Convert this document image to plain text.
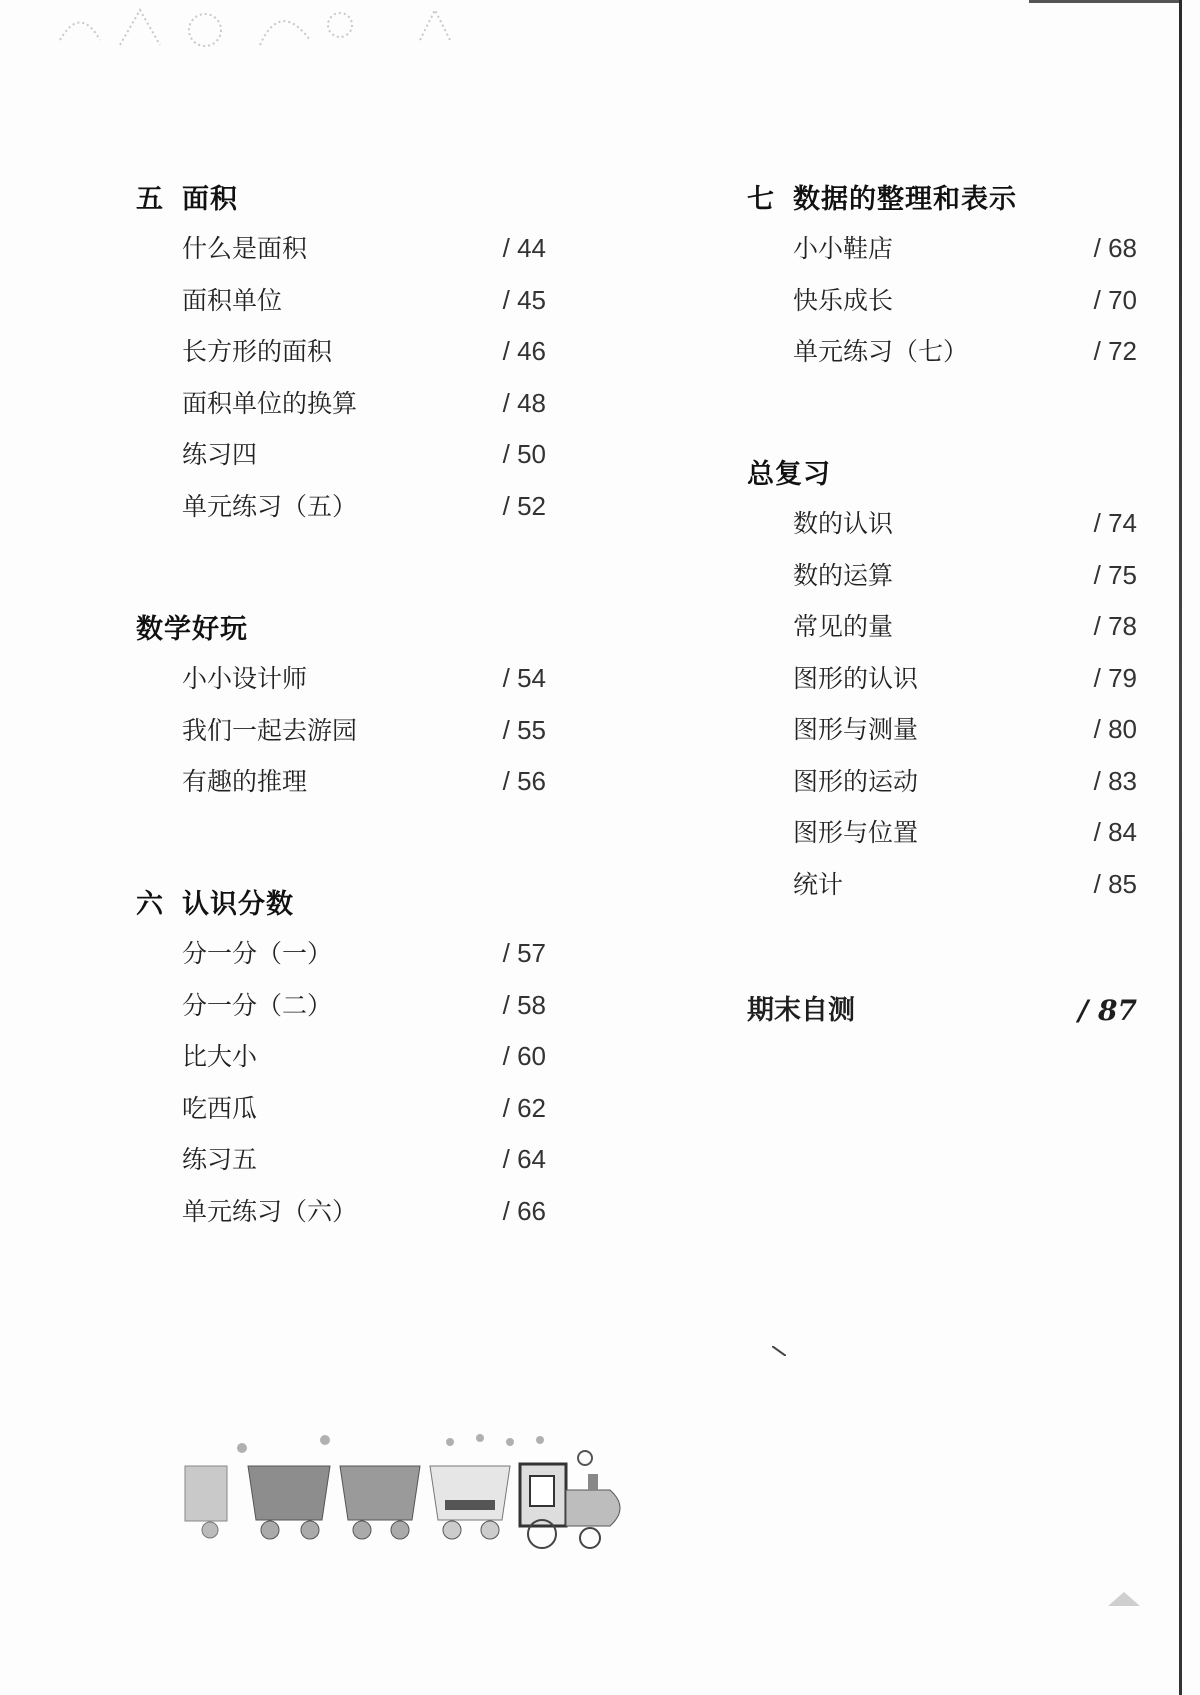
五 面积
什么是面积	/ 44
面积单位	/ 45
长方形的面积	/ 46
面积单位的换算	/ 48
练习四	/ 50
单元练习（五）	/ 52
数学好玩
小小设计师	/ 54
我们一起去游园	/ 55
有趣的推理	/ 56
六 认识分数
分一分（一）	/ 57
分一分（二）	/ 58
比大小	/ 60
吃西瓜	/ 62
练习五	/ 64
单元练习（六）	/ 66
七 数据的整理和表示
小小鞋店	/ 68
快乐成长	/ 70
单元练习（七）	/ 72
总复习
数的认识	/ 74
数的运算	/ 75
常见的量	/ 78
图形的认识	/ 79
图形与测量	/ 80
图形的运动	/ 83
图形与位置	/ 84
统计	/ 85
期末自测	/ 87
